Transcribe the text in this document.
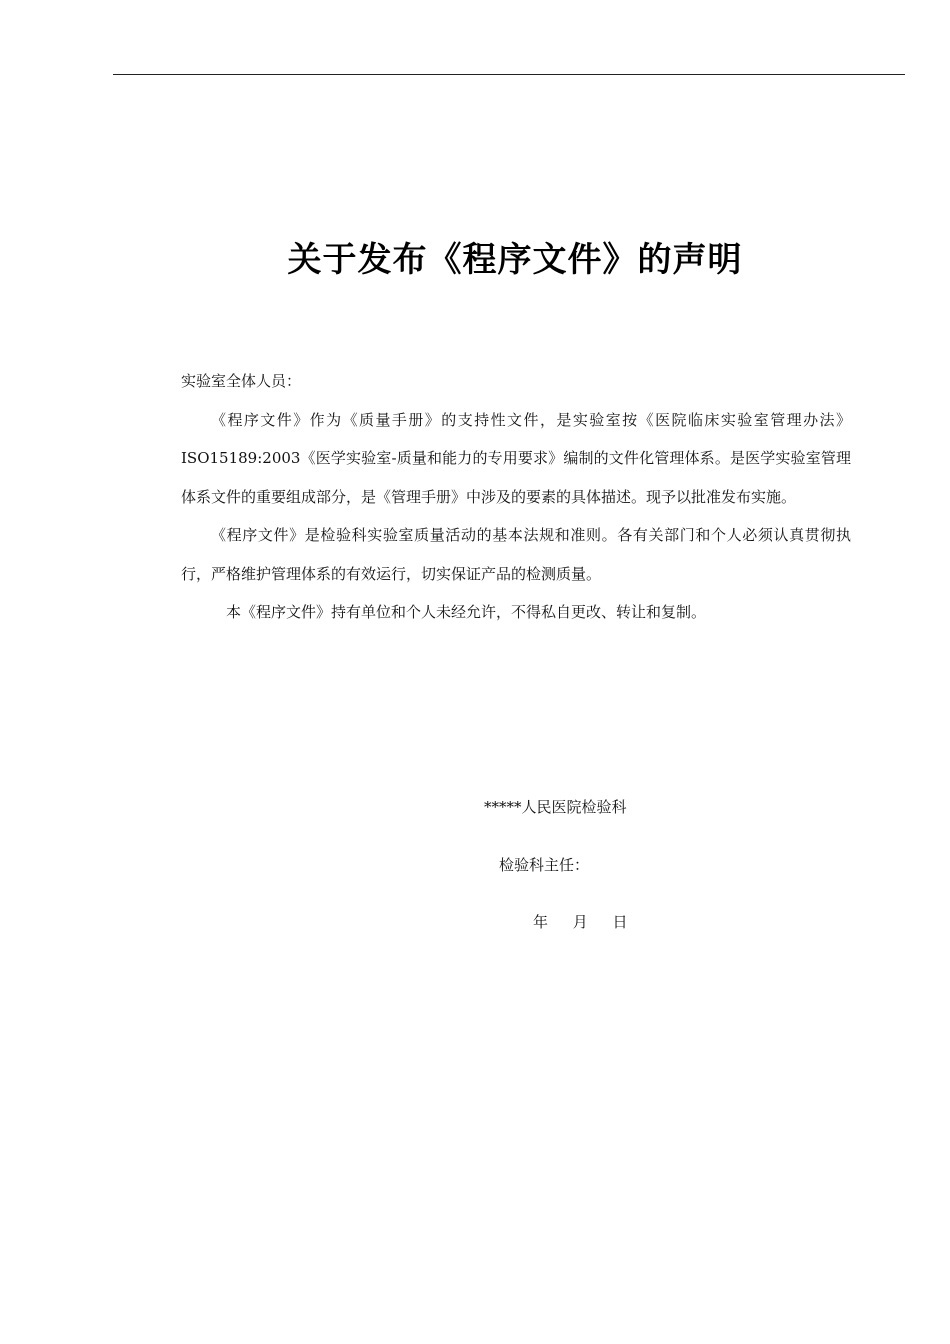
关于发布《程序文件》的声明

实验室全体人员：

《程序文件》作为《质量手册》的支持性文件，是实验室按《医院临床实验室管理办法》ISO15189:2003《医学实验室-质量和能力的专用要求》编制的文件化管理体系。是医学实验室管理体系文件的重要组成部分，是《管理手册》中涉及的要素的具体描述。现予以批准发布实施。

《程序文件》是检验科实验室质量活动的基本法规和准则。各有关部门和个人必须认真贯彻执行，严格维护管理体系的有效运行，切实保证产品的检测质量。

本《程序文件》持有单位和个人未经允许，不得私自更改、转让和复制。

*****人民医院检验科
检验科主任：
年 月 日
